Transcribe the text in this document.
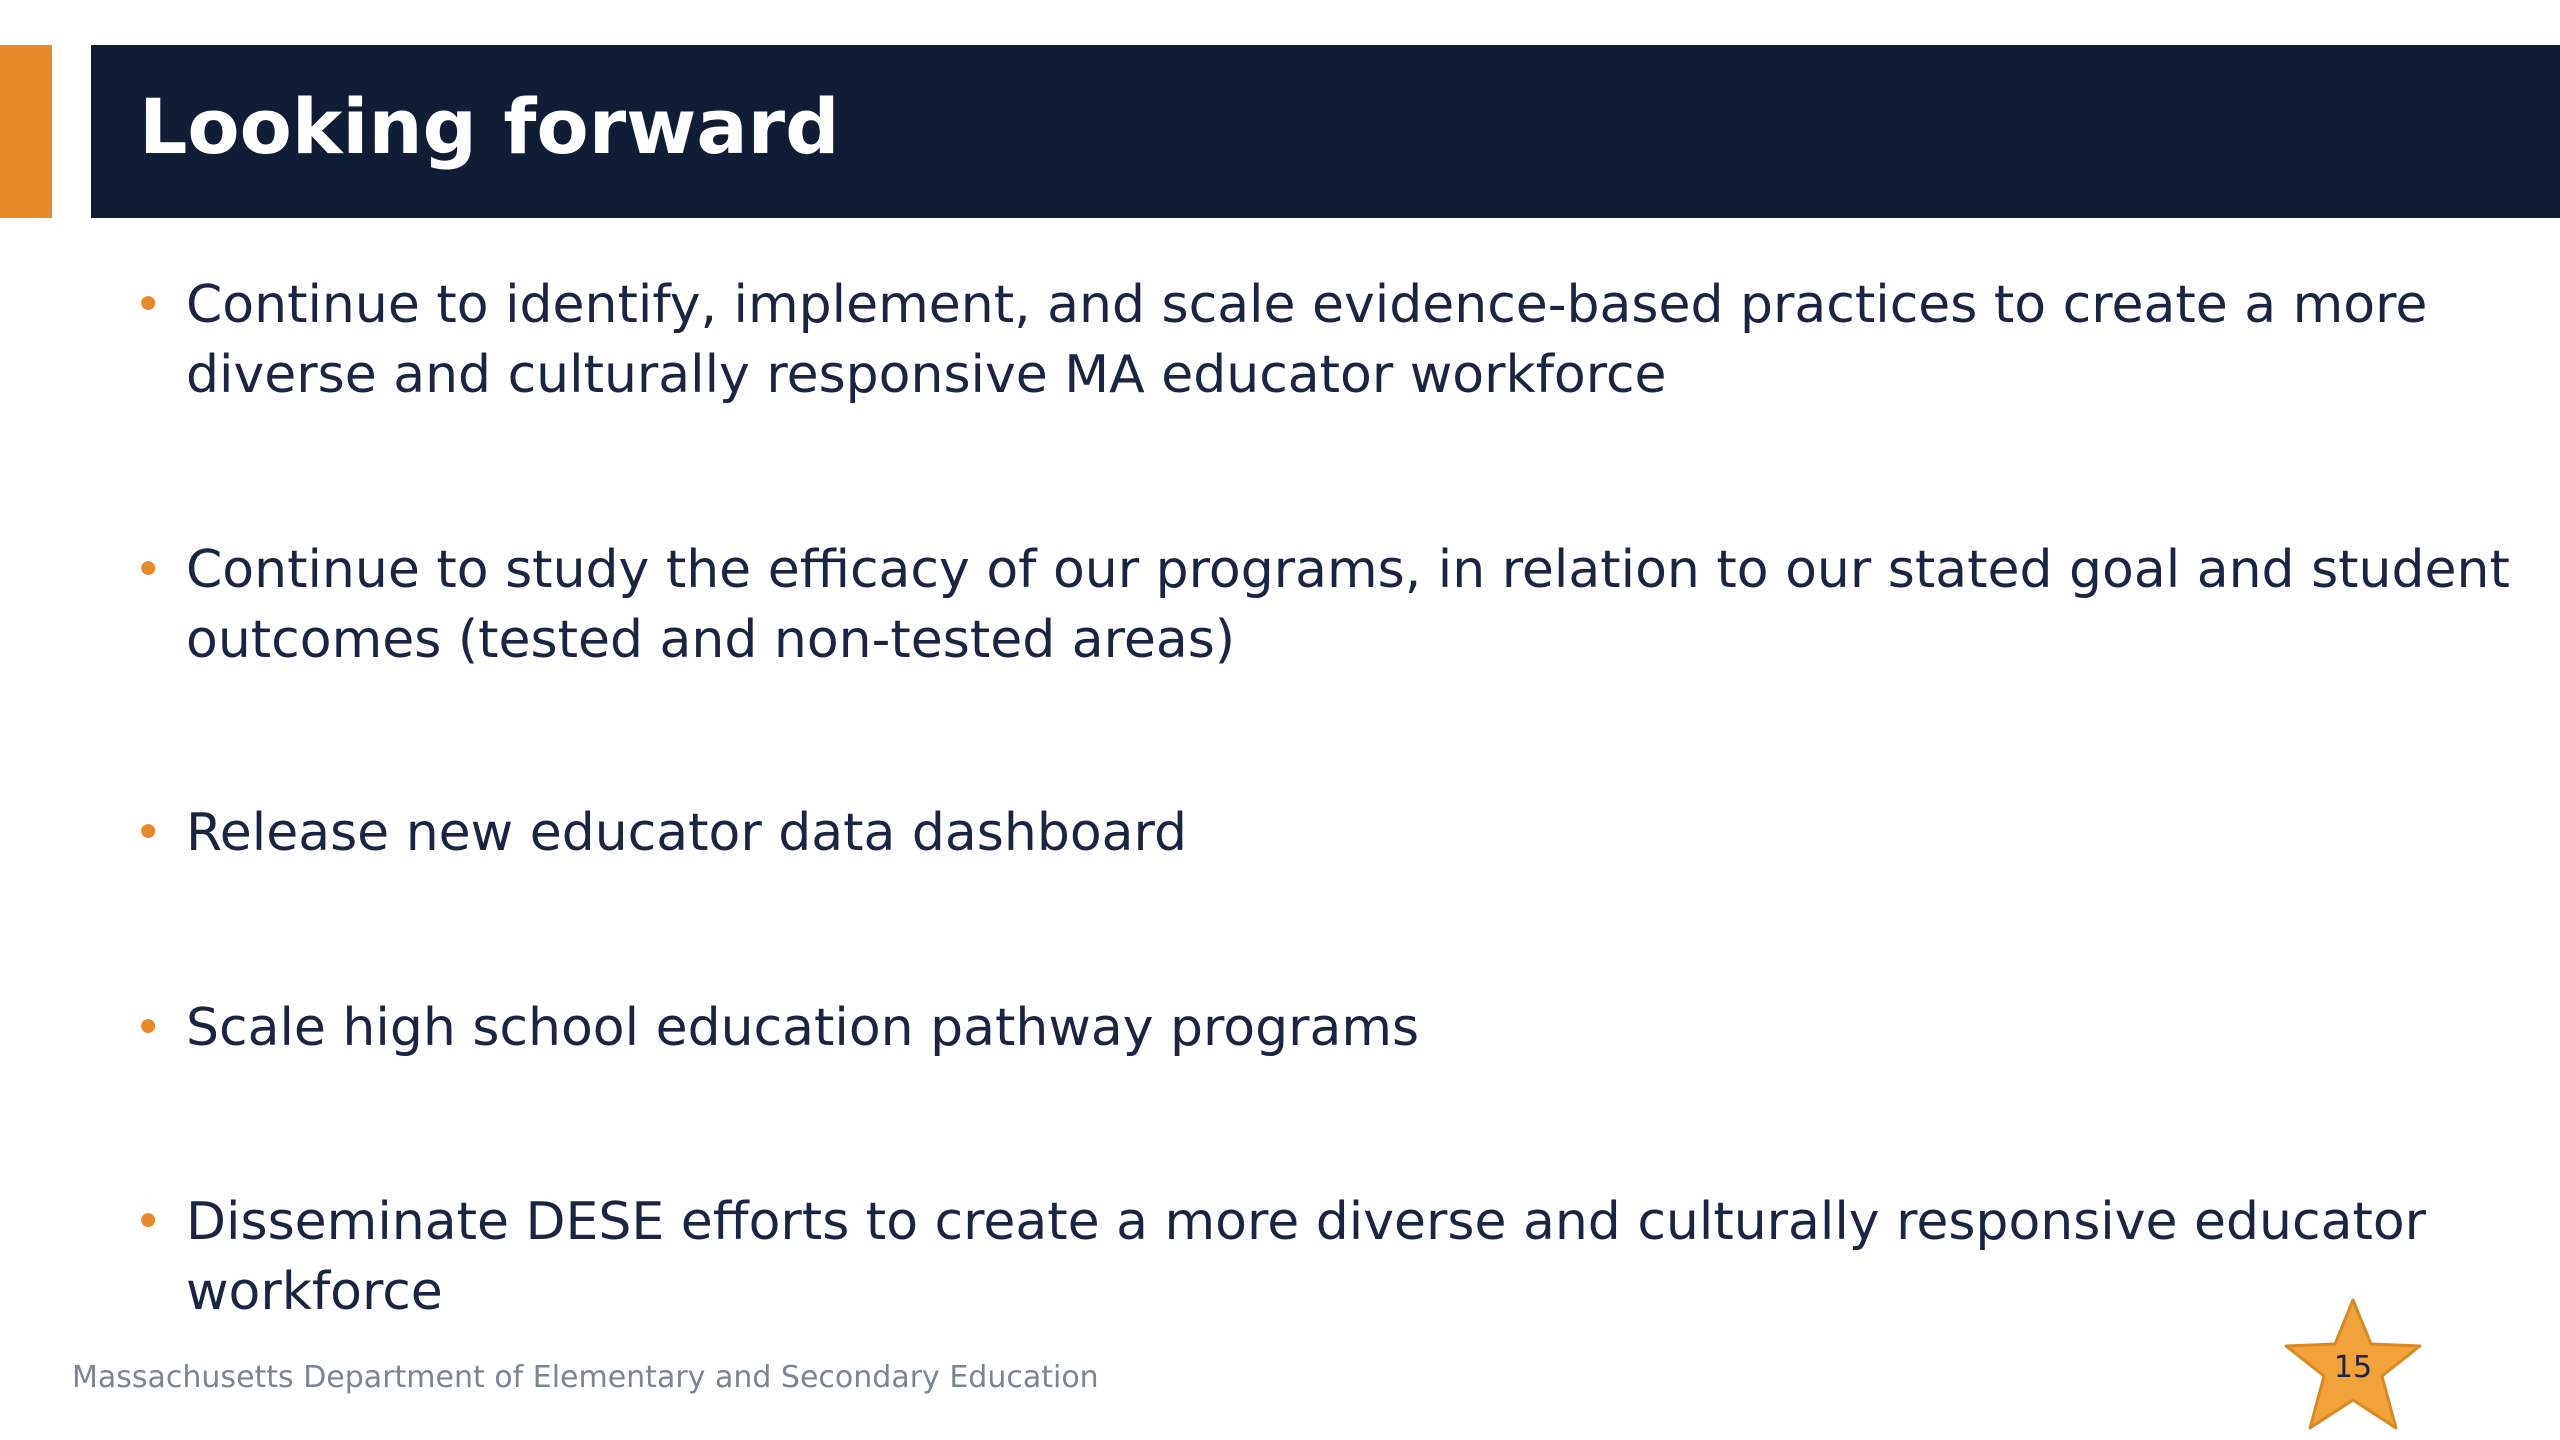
Looking forward
• Continue to identify, implement, and scale evidence-based practices to create a more diverse and culturally responsive MA educator workforce
• Continue to study the efficacy of our programs, in relation to our stated goal and student outcomes (tested and non-tested areas)
• Release new educator data dashboard
• Scale high school education pathway programs
• Disseminate DESE efforts to create a more diverse and culturally responsive educator workforce
Massachusetts Department of Elementary and Secondary Education	15
